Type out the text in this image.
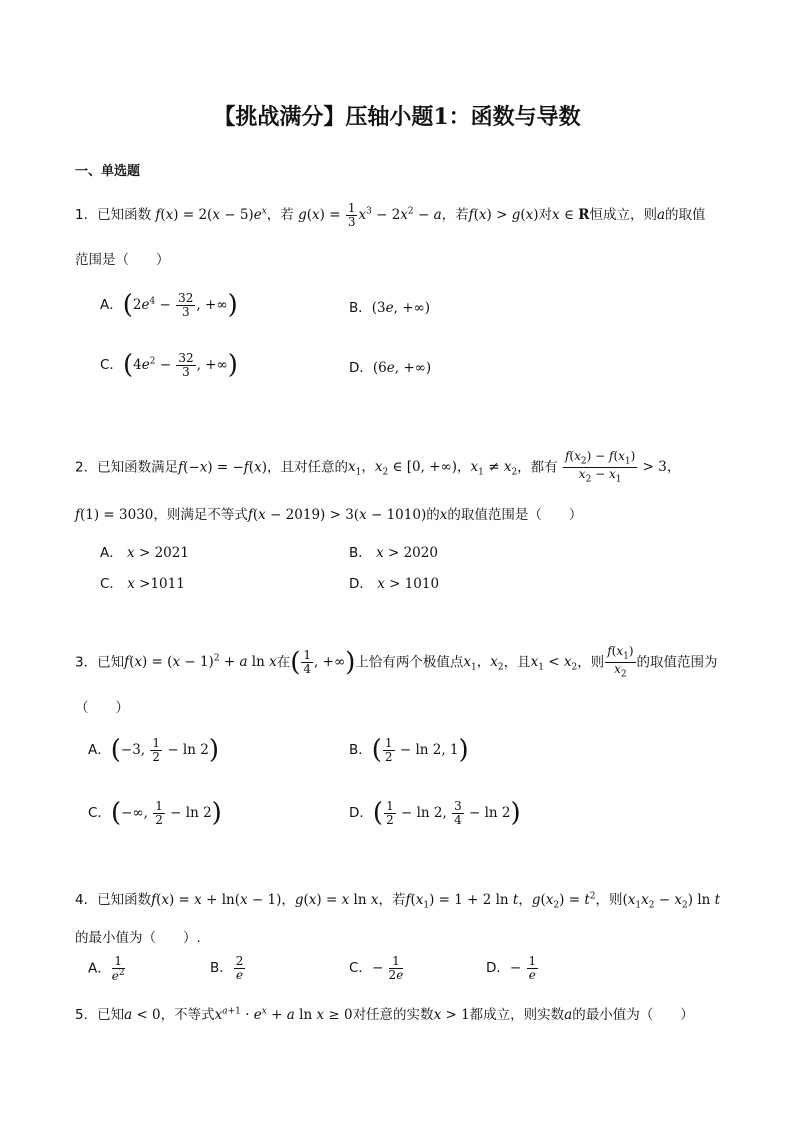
【挑战满分】压轴小题1：函数与导数
一、单选题
1．已知函数 $f(x) = 2(x - 5)e^x$，若 $g(x) = \frac{1}{3} x^3 - 2x^2 - a$，若f(x) > g(x)对x ∈ R恒成立，则a的取值
范围是（　　）
A．($2e^4 - \frac{32}{3}$ , +∞)	B．(3e, +∞)
C．($4e^2 - \frac{32}{3}$ , +∞)	D．(6e, +∞)
2．已知函数满足f(−x) = −f(x)，且对任意的$x_1$，$x_2$ ∈ [0, +∞)，$x_1 \ne x_2$，都有 $\frac{f(x_2) - f(x_1)}{x_2 - x_1} > 3$，
f(1) = 3030，则满足不等式f(x − 2019) > 3(x − 1010)的x的取值范围是（　　）
A． x > 2021	B． x > 2020
C． x >1011	D． x > 1010
3．已知$f(x) = (x - 1)^2 + a$ ln x在( $\frac{1}{4}$ , +∞)上恰有两个极值点$x_1$，$x_2$，且$x_1 < x_2$，则 $\frac{f(x_1)}{x_2}$ 的取值范围为
（　　）
A．(−3, $\frac{1}{2} - \ln 2$)	B．( $\frac{1}{2} - \ln 2$, 1)
C．(−∞, $\frac{1}{2} - \ln 2$)	D．( $\frac{1}{2} - \ln 2$, $\frac{3}{4} - \ln 2$)
4．已知函数f(x) = x + ln(x − 1)，g(x) = x ln x，若$f(x_1) = 1 + 2$ ln t，$g(x_2) = t^2$，则$(x_1x_2 - x_2)$ ln t
的最小值为（　　）.
A． $\frac{1}{e^2}$	B． $\frac{2}{e}$	C．− $\frac{1}{2e}$	D．− $\frac{1}{e}$
5．已知a < 0，不等式$x^{a+1} \cdot e^x + a$ ln x ≥ 0对任意的实数x > 1都成立，则实数a的最小值为（　　）
